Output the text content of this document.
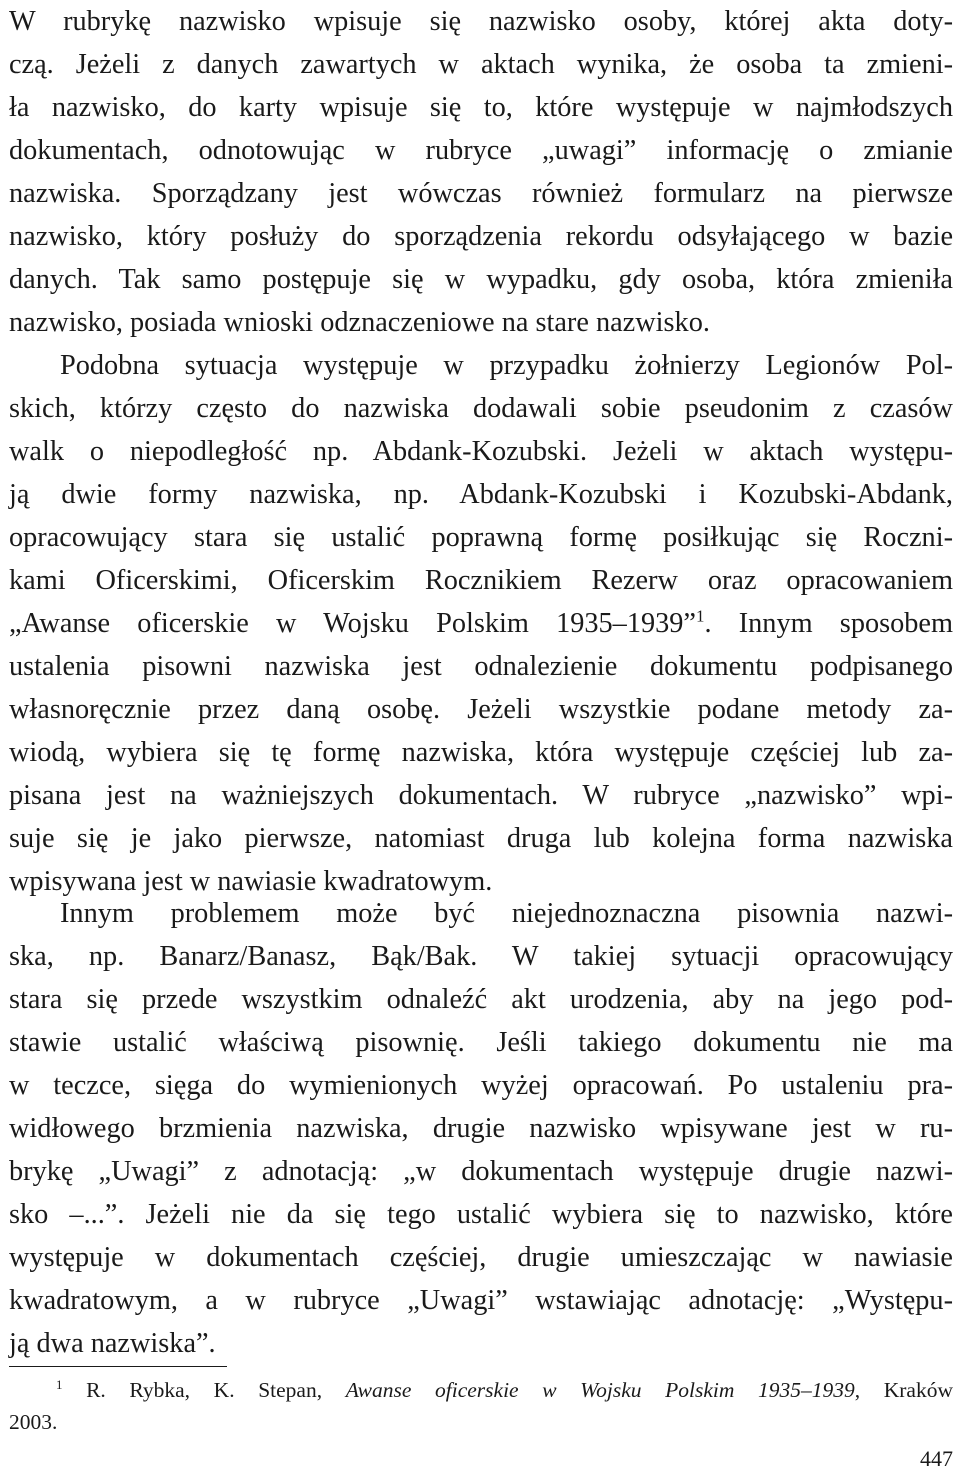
W rubrykę nazwisko wpisuje się nazwisko osoby, której akta doty-
czą. Jeżeli z danych zawartych w aktach wynika, że osoba ta zmieni-
ła nazwisko, do karty wpisuje się to, które występuje w najmłodszych
dokumentach, odnotowując w rubryce „uwagi” informację o zmianie
nazwiska. Sporządzany jest wówczas również formularz na pierwsze
nazwisko, który posłuży do sporządzenia rekordu odsyłającego w bazie
danych. Tak samo postępuje się w wypadku, gdy osoba, która zmieniła
nazwisko, posiada wnioski odznaczeniowe na stare nazwisko.
Podobna sytuacja występuje w przypadku żołnierzy Legionów Pol-
skich, którzy często do nazwiska dodawali sobie pseudonim z czasów
walk o niepodległość np. Abdank-Kozubski. Jeżeli w aktach występu-
ją dwie formy nazwiska, np. Abdank-Kozubski i Kozubski-Abdank,
opracowujący stara się ustalić poprawną formę posiłkując się Roczni-
kami Oficerskimi, Oficerskim Rocznikiem Rezerw oraz opracowaniem
„Awanse oficerskie w Wojsku Polskim 1935–1939”$^1$. Innym sposobem
ustalenia pisowni nazwiska jest odnalezienie dokumentu podpisanego
własnoręcznie przez daną osobę. Jeżeli wszystkie podane metody za-
wiodą, wybiera się tę formę nazwiska, która występuje częściej lub za-
pisana jest na ważniejszych dokumentach. W rubryce „nazwisko” wpi-
suje się je jako pierwsze, natomiast druga lub kolejna forma nazwiska
wpisywana jest w nawiasie kwadratowym.
Innym problemem może być niejednoznaczna pisownia nazwi-
ska, np. Banarz/Banasz, Bąk/Bak. W takiej sytuacji opracowujący
stara się przede wszystkim odnaleźć akt urodzenia, aby na jego pod-
stawie ustalić właściwą pisownię. Jeśli takiego dokumentu nie ma
w teczce, sięga do wymienionych wyżej opracowań. Po ustaleniu pra-
widłowego brzmienia nazwiska, drugie nazwisko wpisywane jest w ru-
brykę „Uwagi” z adnotacją: „w dokumentach występuje drugie nazwi-
sko –...”. Jeżeli nie da się tego ustalić wybiera się to nazwisko, które
występuje w dokumentach częściej, drugie umieszczając w nawiasie
kwadratowym, a w rubryce „Uwagi” wstawiając adnotację: „Występu-
ją dwa nazwiska”.
$^1$ R. Rybka, K. Stepan, Awanse oficerskie w Wojsku Polskim 1935–1939, Kraków
2003.
447
